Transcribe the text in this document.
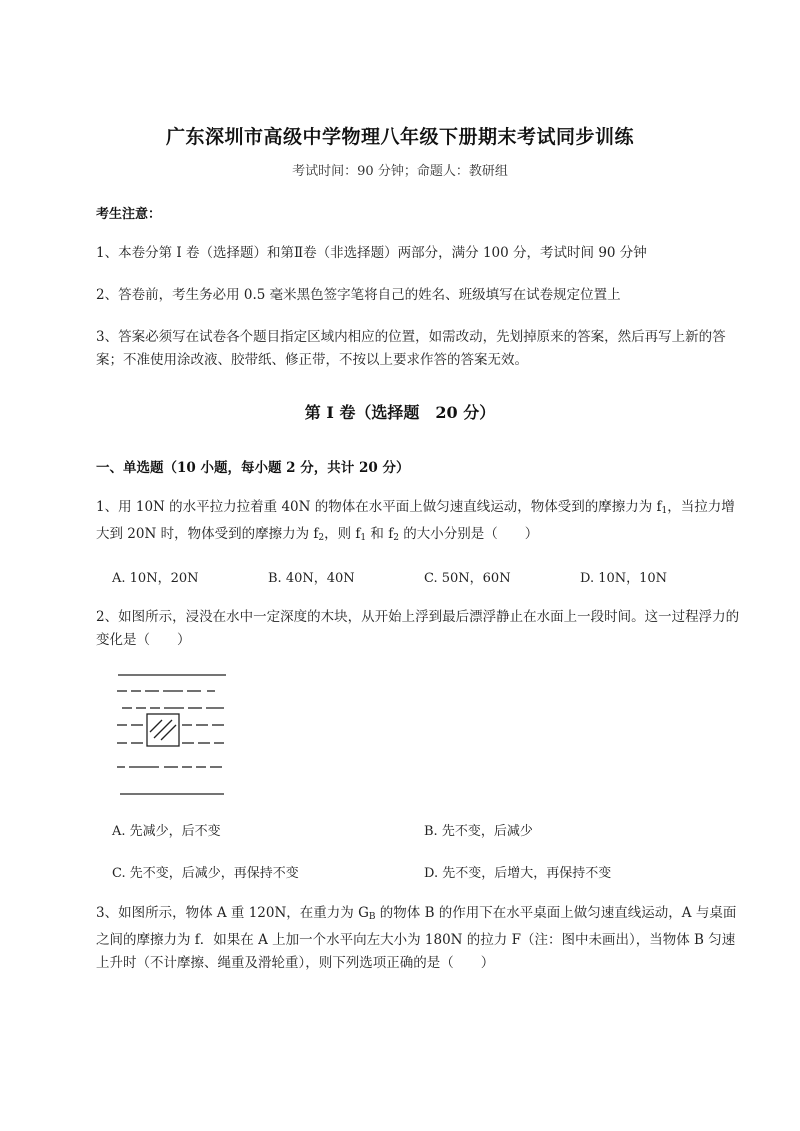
广东深圳市高级中学物理八年级下册期末考试同步训练
考试时间：90 分钟；命题人：教研组
考生注意：
1、本卷分第 I 卷（选择题）和第Ⅱ卷（非选择题）两部分，满分 100 分，考试时间 90 分钟
2、答卷前，考生务必用 0.5 毫米黑色签字笔将自己的姓名、班级填写在试卷规定位置上
3、答案必须写在试卷各个题目指定区域内相应的位置，如需改动，先划掉原来的答案，然后再写上新的答案；不准使用涂改液、胶带纸、修正带，不按以上要求作答的答案无效。
第 I 卷（选择题　20 分）
一、单选题（10 小题，每小题 2 分，共计 20 分）
1、用 10N 的水平拉力拉着重 40N 的物体在水平面上做匀速直线运动，物体受到的摩擦力为 $f_1$，当拉力增大到 20N 时，物体受到的摩擦力为 $f_2$，则 $f_1$ 和 $f_2$ 的大小分别是（　　）
A. 10N，20N	B. 40N，40N	C. 50N，60N	D. 10N，10N
2、如图所示，浸没在水中一定深度的木块，从开始上浮到最后漂浮静止在水面上一段时间。这一过程浮力的变化是（　　）
A. 先减少，后不变	B. 先不变，后减少
C. 先不变，后减少，再保持不变	D. 先不变，后增大，再保持不变
3、如图所示，物体 A 重 120N，在重力为 $G_B$ 的物体 B 的作用下在水平桌面上做匀速直线运动，A 与桌面之间的摩擦力为 f．如果在 A 上加一个水平向左大小为 180N 的拉力 F（注：图中未画出），当物体 B 匀速上升时（不计摩擦、绳重及滑轮重），则下列选项正确的是（　　）
